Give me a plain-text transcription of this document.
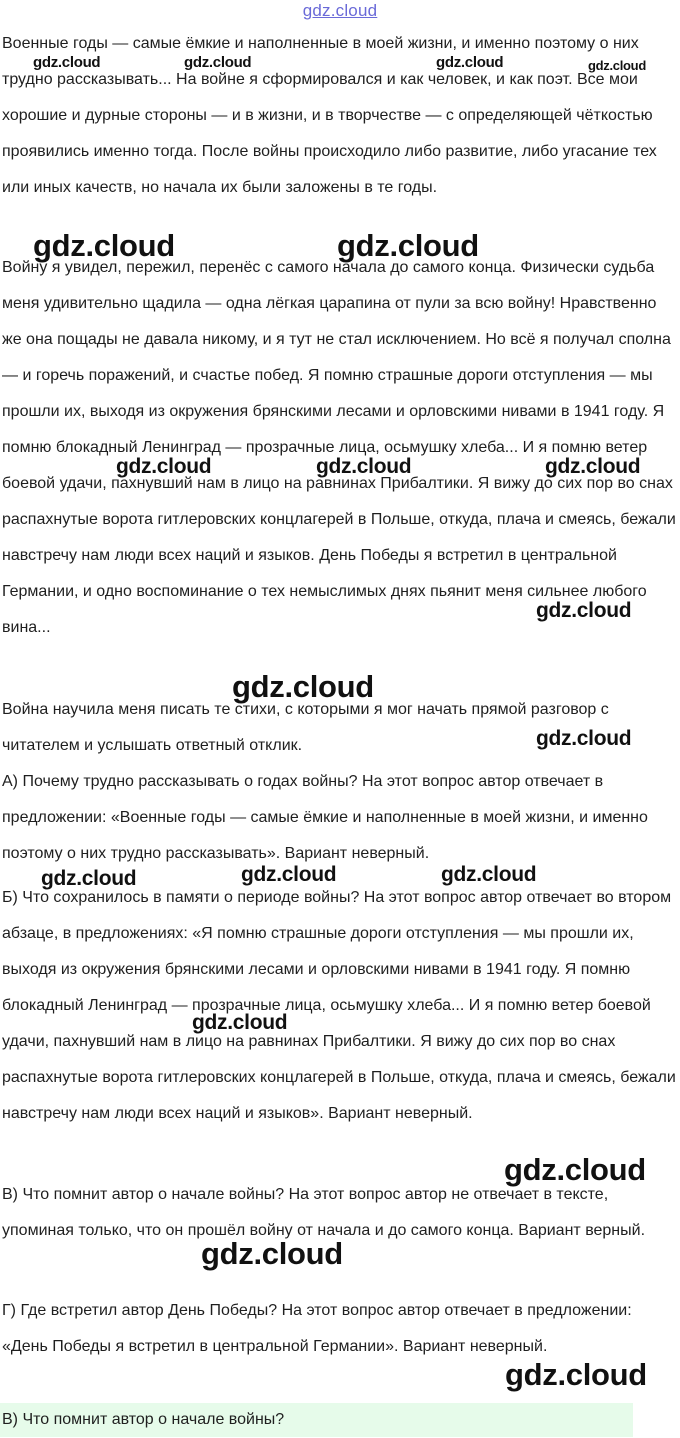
gdz.cloud

Военные годы — самые ёмкие и наполненные в моей жизни, и именно поэтому о них трудно рассказывать... На войне я сформировался и как человек, и как поэт. Все мои хорошие и дурные стороны — и в жизни, и в творчестве — с определяющей чёткостью проявились именно тогда. После войны происходило либо развитие, либо угасание тех или иных качеств, но начала их были заложены в те годы.

Войну я увидел, пережил, перенёс с самого начала до самого конца. Физически судьба меня удивительно щадила — одна лёгкая царапина от пули за всю войну! Нравственно же она пощады не давала никому, и я тут не стал исключением. Но всё я получал сполна — и горечь поражений, и счастье побед. Я помню страшные дороги отступления — мы прошли их, выходя из окружения брянскими лесами и орловскими нивами в 1941 году. Я помню блокадный Ленинград — прозрачные лица, осьмушку хлеба... И я помню ветер боевой удачи, пахнувший нам в лицо на равнинах Прибалтики. Я вижу до сих пор во снах распахнутые ворота гитлеровских концлагерей в Польше, откуда, плача и смеясь, бежали навстречу нам люди всех наций и языков. День Победы я встретил в центральной Германии, и одно воспоминание о тех немыслимых днях пьянит меня сильнее любого вина...

Война научила меня писать те стихи, с которыми я мог начать прямой разговор с читателем и услышать ответный отклик.

А) Почему трудно рассказывать о годах войны? На этот вопрос автор отвечает в предложении: «Военные годы — самые ёмкие и наполненные в моей жизни, и именно поэтому о них трудно рассказывать». Вариант неверный.

Б) Что сохранилось в памяти о периоде войны? На этот вопрос автор отвечает во втором абзаце, в предложениях: «Я помню страшные дороги отступления — мы прошли их, выходя из окружения брянскими лесами и орловскими нивами в 1941 году. Я помню блокадный Ленинград — прозрачные лица, осьмушку хлеба... И я помню ветер боевой удачи, пахнувший нам в лицо на равнинах Прибалтики. Я вижу до сих пор во снах распахнутые ворота гитлеровских концлагерей в Польше, откуда, плача и смеясь, бежали навстречу нам люди всех наций и языков». Вариант неверный.

В) Что помнит автор о начале войны? На этот вопрос автор не отвечает в тексте, упоминая только, что он прошёл войну от начала и до самого конца. Вариант верный.

Г) Где встретил автор День Победы? На этот вопрос автор отвечает в предложении: «День Победы я встретил в центральной Германии». Вариант неверный.

В) Что помнит автор о начале войны?
gdz.cloud	gdz.cloud	gdz.cloud	gdz.cloud
gdz.cloud	gdz.cloud
gdz.cloud	gdz.cloud	gdz.cloud
gdz.cloud
gdz.cloud
gdz.cloud
gdz.cloud	gdz.cloud	gdz.cloud
gdz.cloud
gdz.cloud
gdz.cloud
gdz.cloud
